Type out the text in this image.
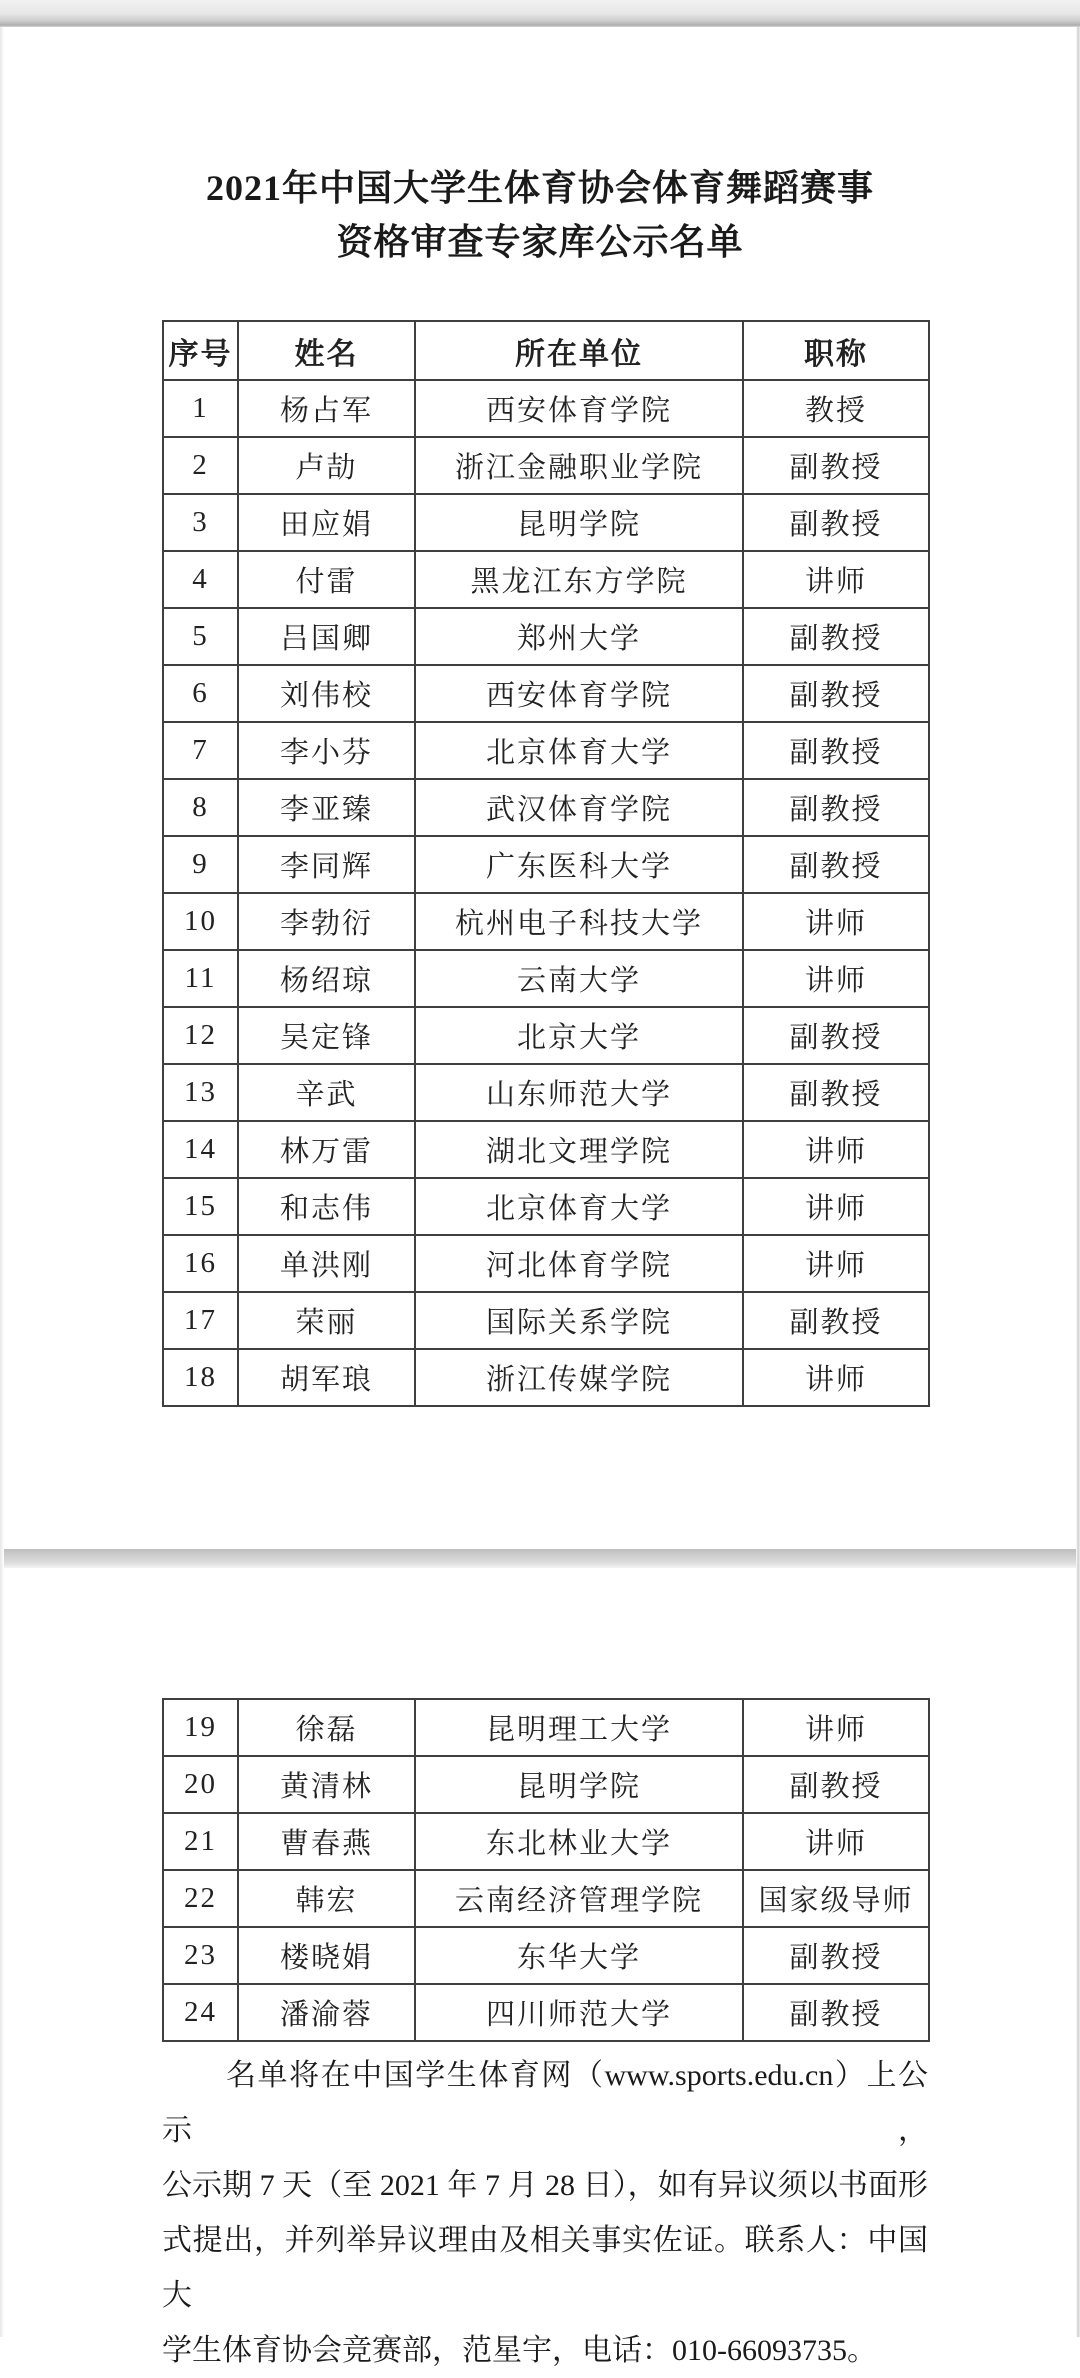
2021年中国大学生体育协会体育舞蹈赛事
资格审查专家库公示名单
序号	姓名	所在单位	职称
1	杨占军	西安体育学院	教授
2	卢劼	浙江金融职业学院	副教授
3	田应娟	昆明学院	副教授
4	付雷	黑龙江东方学院	讲师
5	吕国卿	郑州大学	副教授
6	刘伟校	西安体育学院	副教授
7	李小芬	北京体育大学	副教授
8	李亚臻	武汉体育学院	副教授
9	李同辉	广东医科大学	副教授
10	李勃衍	杭州电子科技大学	讲师
11	杨绍琼	云南大学	讲师
12	吴定锋	北京大学	副教授
13	辛武	山东师范大学	副教授
14	林万雷	湖北文理学院	讲师
15	和志伟	北京体育大学	讲师
16	单洪刚	河北体育学院	讲师
17	荣丽	国际关系学院	副教授
18	胡军琅	浙江传媒学院	讲师
19	徐磊	昆明理工大学	讲师
20	黄清林	昆明学院	副教授
21	曹春燕	东北林业大学	讲师
22	韩宏	云南经济管理学院	国家级导师
23	楼晓娟	东华大学	副教授
24	潘渝蓉	四川师范大学	副教授
名单将在中国学生体育网（www.sports.edu.cn）上公示，
公示期 7 天（至 2021 年 7 月 28 日），如有异议须以书面形
式提出，并列举异议理由及相关事实佐证。联系人：中国大
学生体育协会竞赛部，范星宇，电话：010-66093735。
